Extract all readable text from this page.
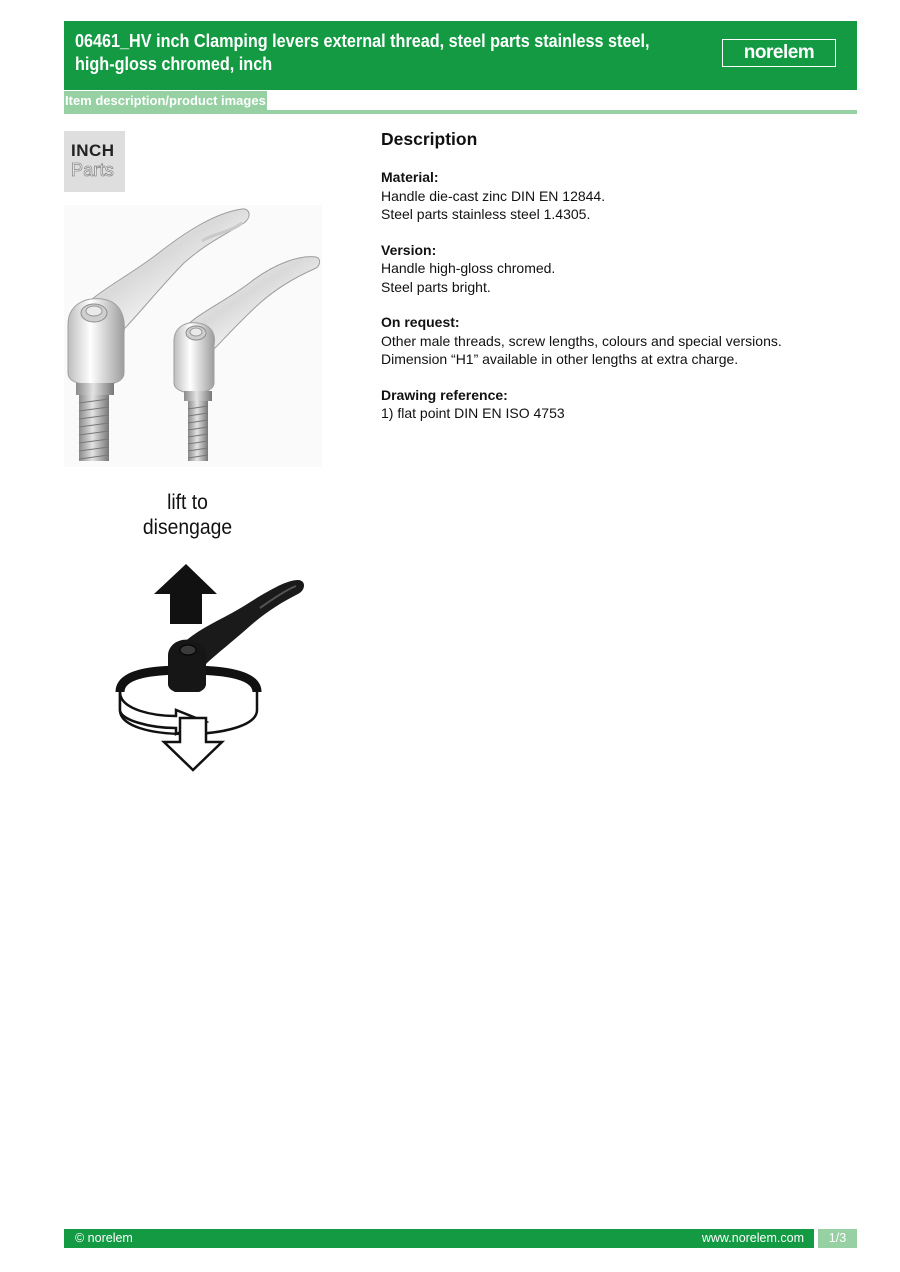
06461_HV inch Clamping levers external thread, steel parts stainless steel, high-gloss chromed, inch
norelem
Item description/product images
INCH
Parts
lift to
disengage
Description
Material:
Handle die-cast zinc DIN EN 12844.
Steel parts stainless steel 1.4305.
Version:
Handle high-gloss chromed.
Steel parts bright.
On request:
Other male threads, screw lengths, colours and special versions.
Dimension “H1” available in other lengths at extra charge.
Drawing reference:
1) flat point DIN EN ISO 4753
© norelem	www.norelem.com	1/3
